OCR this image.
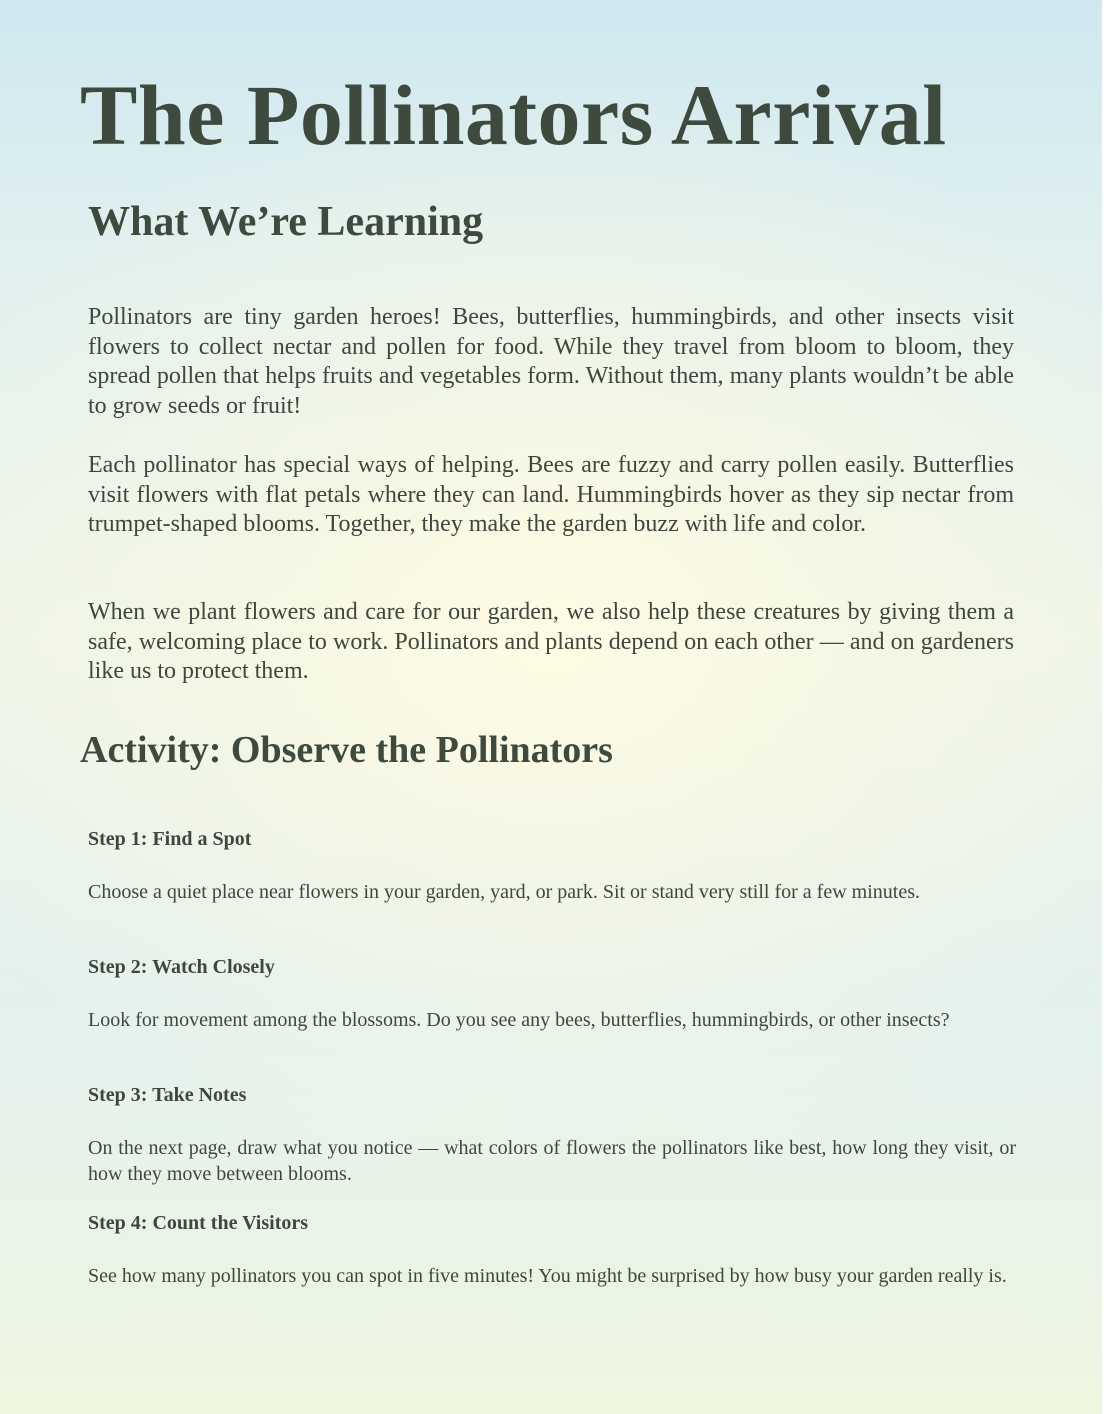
The Pollinators Arrival
What We’re Learning

Pollinators are tiny garden heroes! Bees, butterflies, hummingbirds, and other insects visit flowers to collect nectar and pollen for food. While they travel from bloom to bloom, they spread pollen that helps fruits and vegetables form. Without them, many plants wouldn’t be able to grow seeds or fruit!

Each pollinator has special ways of helping. Bees are fuzzy and carry pollen easily. Butterflies visit flowers with flat petals where they can land. Hummingbirds hover as they sip nectar from trumpet-shaped blooms. Together, they make the garden buzz with life and color.

When we plant flowers and care for our garden, we also help these creatures by giving them a safe, welcoming place to work. Pollinators and plants depend on each other — and on gardeners like us to protect them.

Activity: Observe the Pollinators
Step 1: Find a Spot

Choose a quiet place near flowers in your garden, yard, or park. Sit or stand very still for a few minutes.

Step 2: Watch Closely

Look for movement among the blossoms. Do you see any bees, butterflies, hummingbirds, or other insects?

Step 3: Take Notes

On the next page, draw what you notice — what colors of flowers the pollinators like best, how long they visit, or how they move between blooms.

Step 4: Count the Visitors

See how many pollinators you can spot in five minutes! You might be surprised by how busy your garden really is.
